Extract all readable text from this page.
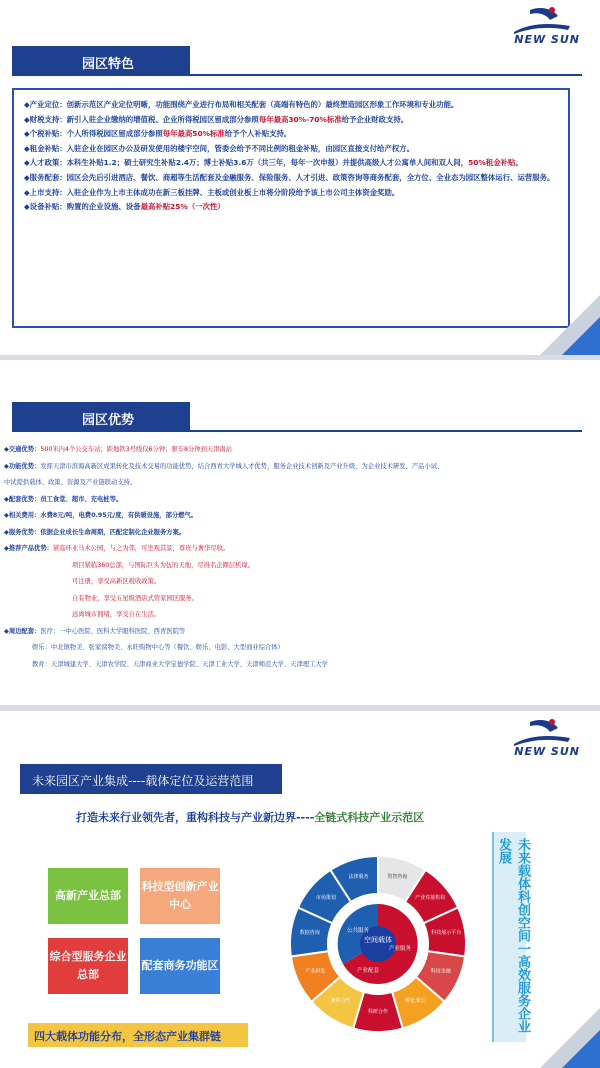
NEW SUN
园区特色
◆产业定位：创新示范区产业定位明晰，功能围绕产业进行布局和相关配套（高端有特色的）最终塑造园区形象工作环境和专业功能。
◆财税支持：新引入驻企业缴纳的增值税、企业所得税园区留成部分参照每年最高30%-70%标准给予企业财政支持。
◆个税补贴：个人所得税园区留成部分参照每年最高50%标准给予个人补贴支持。
◆租金补贴：入驻企业在园区办公及研发使用的楼宇空间，管委会给予不同比例的租金补贴，由园区直接支付给产权方。
◆人才政策：本科生补贴1.2；硕士研究生补贴2.4万；博士补贴3.6万（共三年，每年一次申报）并提供高级人才公寓单人间和双人间，50%租金补贴。
◆服务配套：园区会先后引进酒店、餐饮、商超等生活配套及金融服务、保险服务、人才引进、政策咨询等商务配套，全方位、全业态为园区整体运行、运营服务。
◆上市支持：入驻企业作为上市主体成功在新三板挂牌、主板或创业板上市将分阶段给予该上市公司主体资金奖励。
◆设备补贴：购置的企业设施、设备最高补贴25%（一次性）
园区优势
◆交通优势：500米内4个公交车站；距地铁3号线仅6分钟；驱车8分钟到天津南站
◆功能优势：发挥天津市滨海高新区成果转化及技术交易的功能优势，结合西青大学城人才优势，服务企业技术创新及产业升级，为企业技术研发、产品小试、
中试提供载体、政策、资源及产业链联动支持。
◆配套优势：员工食堂、超市、充电桩等。
◆相关费用：水费8元/吨，电费0.95元/度，有供暖设施，部分燃气。
◆服务优势：依据企业成长生命周期，匹配定制化企业服务方案。
◆推荐产品优势：紧临环亚马术公园，与之为邻，可坐观其景，尊贵与奢华尽收。
项目紧临360总部，与国际巨头为伍的天地，尽得名企圈层机缘。
可注册，享受高新区税收政策。
自有物业，享受五星级酒店式管家园区服务。
远离城市拥堵，享受自在生活。
◆周边配套：医疗：一中心医院、医科大学眼科医院、西青医院等
娱乐：中北镇物美、张家窝物美、永旺购物中心等（餐饮、娱乐、电影、大型商业综合体）
教育：天津城建大学、天津农学院、天津商业大学宝德学院、天津工业大学、天津师范大学、天津理工大学
NEW SUN
未来园区产业集成----载体定位及运营范围
打造未来行业领先者，重构科技与产业新边界----全链式科技产业示范区
高新产业总部
科技型创新产业中心
综合型服务企业总部
配套商务功能区
四大载体功能分布，全形态产业集群链
资智咨询
产业对接机构
科技展示平台
科技金融
孵化成长
科研合作
兼职合作
产业研发
数据咨询
市场策划
法律服务
空间载体
公共服务
产业服务
产业配套	未来载体科创空间一高效服务企业发展
